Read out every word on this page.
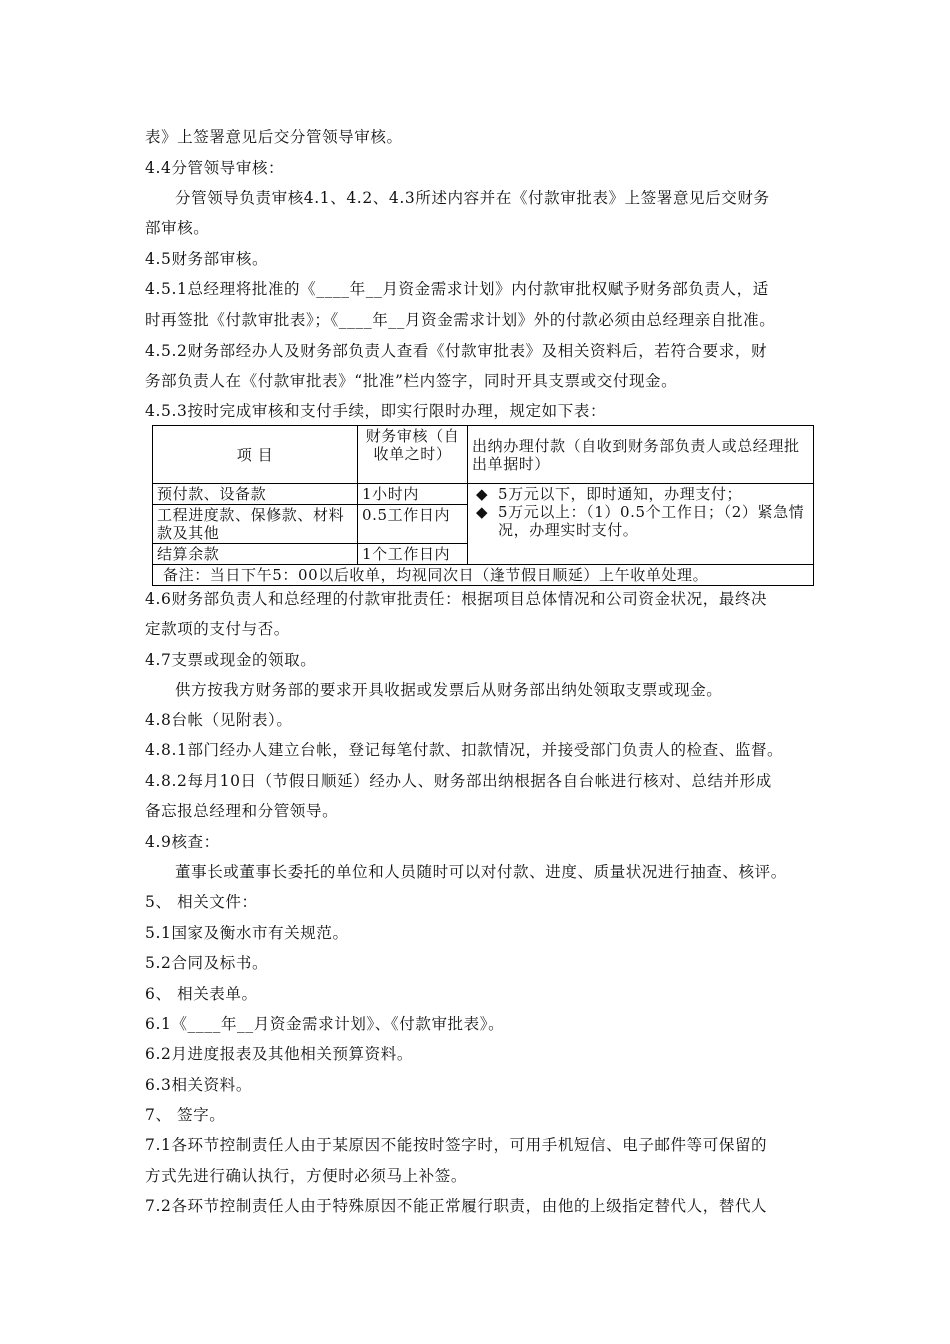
表》上签署意见后交分管领导审核。
4.4分管领导审核：
分管领导负责审核4.1、4.2、4.3所述内容并在《付款审批表》上签署意见后交财务
部审核。
4.5财务部审核。
4.5.1总经理将批准的《____年__月资金需求计划》内付款审批权赋予财务部负责人，适
时再签批《付款审批表》；《____年__月资金需求计划》外的付款必须由总经理亲自批准。
4.5.2财务部经办人及财务部负责人查看《付款审批表》及相关资料后，若符合要求，财
务部负责人在《付款审批表》“批准”栏内签字，同时开具支票或交付现金。
4.5.3按时完成审核和支付手续，即实行限时办理，规定如下表：
项 目	财务审核（自收单之时）	出纳办理付款（自收到财务部负责人或总经理批出单据时）
预付款、设备款	1小时内	◆ 5万元以下，即时通知，办理支付；
◆ 5万元以上：（1）0.5个工作日；（2）紧急情况，办理实时支付。

工程进度款、保修款、材料款及其他	0.5工作日内	
结算余款	1个工作日内	
备注：当日下午5：00以后收单，均视同次日（逢节假日顺延）上午收单处理。		
4.6财务部负责人和总经理的付款审批责任：根据项目总体情况和公司资金状况，最终决
定款项的支付与否。
4.7支票或现金的领取。
供方按我方财务部的要求开具收据或发票后从财务部出纳处领取支票或现金。
4.8台帐（见附表）。
4.8.1部门经办人建立台帐，登记每笔付款、扣款情况，并接受部门负责人的检查、监督。
4.8.2每月10日（节假日顺延）经办人、财务部出纳根据各自台帐进行核对、总结并形成
备忘报总经理和分管领导。
4.9核查：
董事长或董事长委托的单位和人员随时可以对付款、进度、质量状况进行抽查、核评。
5、 相关文件：
5.1国家及衡水市有关规范。
5.2合同及标书。
6、 相关表单。
6.1《____年__月资金需求计划》、《付款审批表》。
6.2月进度报表及其他相关预算资料。
6.3相关资料。
7、 签字。
7.1各环节控制责任人由于某原因不能按时签字时，可用手机短信、电子邮件等可保留的
方式先进行确认执行，方便时必须马上补签。
7.2各环节控制责任人由于特殊原因不能正常履行职责，由他的上级指定替代人，替代人
